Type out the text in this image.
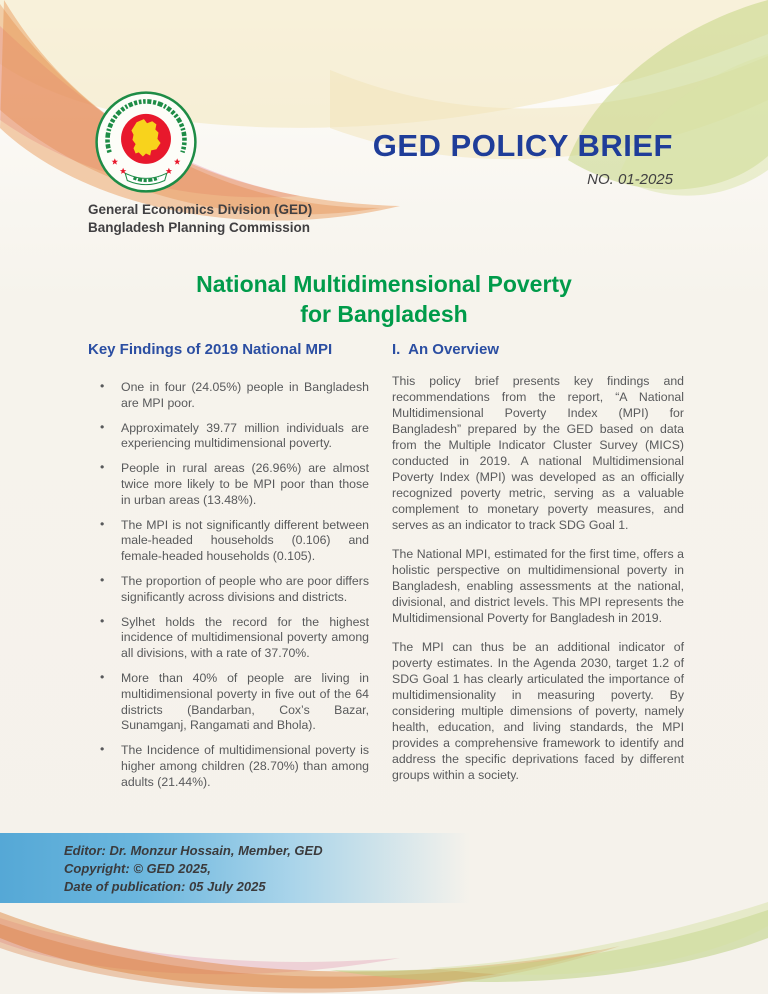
General Economics Division (GED)
Bangladesh Planning Commission
GED POLICY BRIEF
NO. 01-2025
National Multidimensional Poverty
for Bangladesh
Key Findings of 2019 National MPI
• One in four (24.05%) people in Bangladesh are MPI poor.
• Approximately 39.77 million individuals are experiencing multidimensional poverty.
• People in rural areas (26.96%) are almost twice more likely to be MPI poor than those in urban areas (13.48%).
• The MPI is not significantly different between male-headed households (0.106) and female-headed households (0.105).
• The proportion of people who are poor differs significantly across divisions and districts.
• Sylhet holds the record for the highest incidence of multidimensional poverty among all divisions, with a rate of 37.70%.
• More than 40% of people are living in multidimensional poverty in five out of the 64 districts (Bandarban, Cox’s Bazar, Sunamganj, Rangamati and Bhola).
• The Incidence of multidimensional poverty is higher among children (28.70%) than among adults (21.44%).
I.  An Overview

This policy brief presents key findings and recommendations from the report, “A National Multidimensional Poverty Index (MPI) for Bangladesh” prepared by the GED based on data from the Multiple Indicator Cluster Survey (MICS) conducted in 2019. A national Multidimensional Poverty Index (MPI) was developed as an officially recognized poverty metric, serving as a valuable complement to monetary poverty measures, and serves as an indicator to track SDG Goal 1.

The National MPI, estimated for the first time, offers a holistic perspective on multidimensional poverty in Bangladesh, enabling assessments at the national, divisional, and district levels. This MPI represents the Multidimensional Poverty for Bangladesh in 2019.

The MPI can thus be an additional indicator of poverty estimates. In the Agenda 2030, target 1.2 of SDG Goal 1 has clearly articulated the importance of multidimensionality in measuring poverty. By considering multiple dimensions of poverty, namely health, education, and living standards, the MPI provides a comprehensive framework to identify and address the specific deprivations faced by different groups within a society.

Editor: Dr. Monzur Hossain, Member, GED
Copyright: © GED 2025,
Date of publication: 05 July 2025
